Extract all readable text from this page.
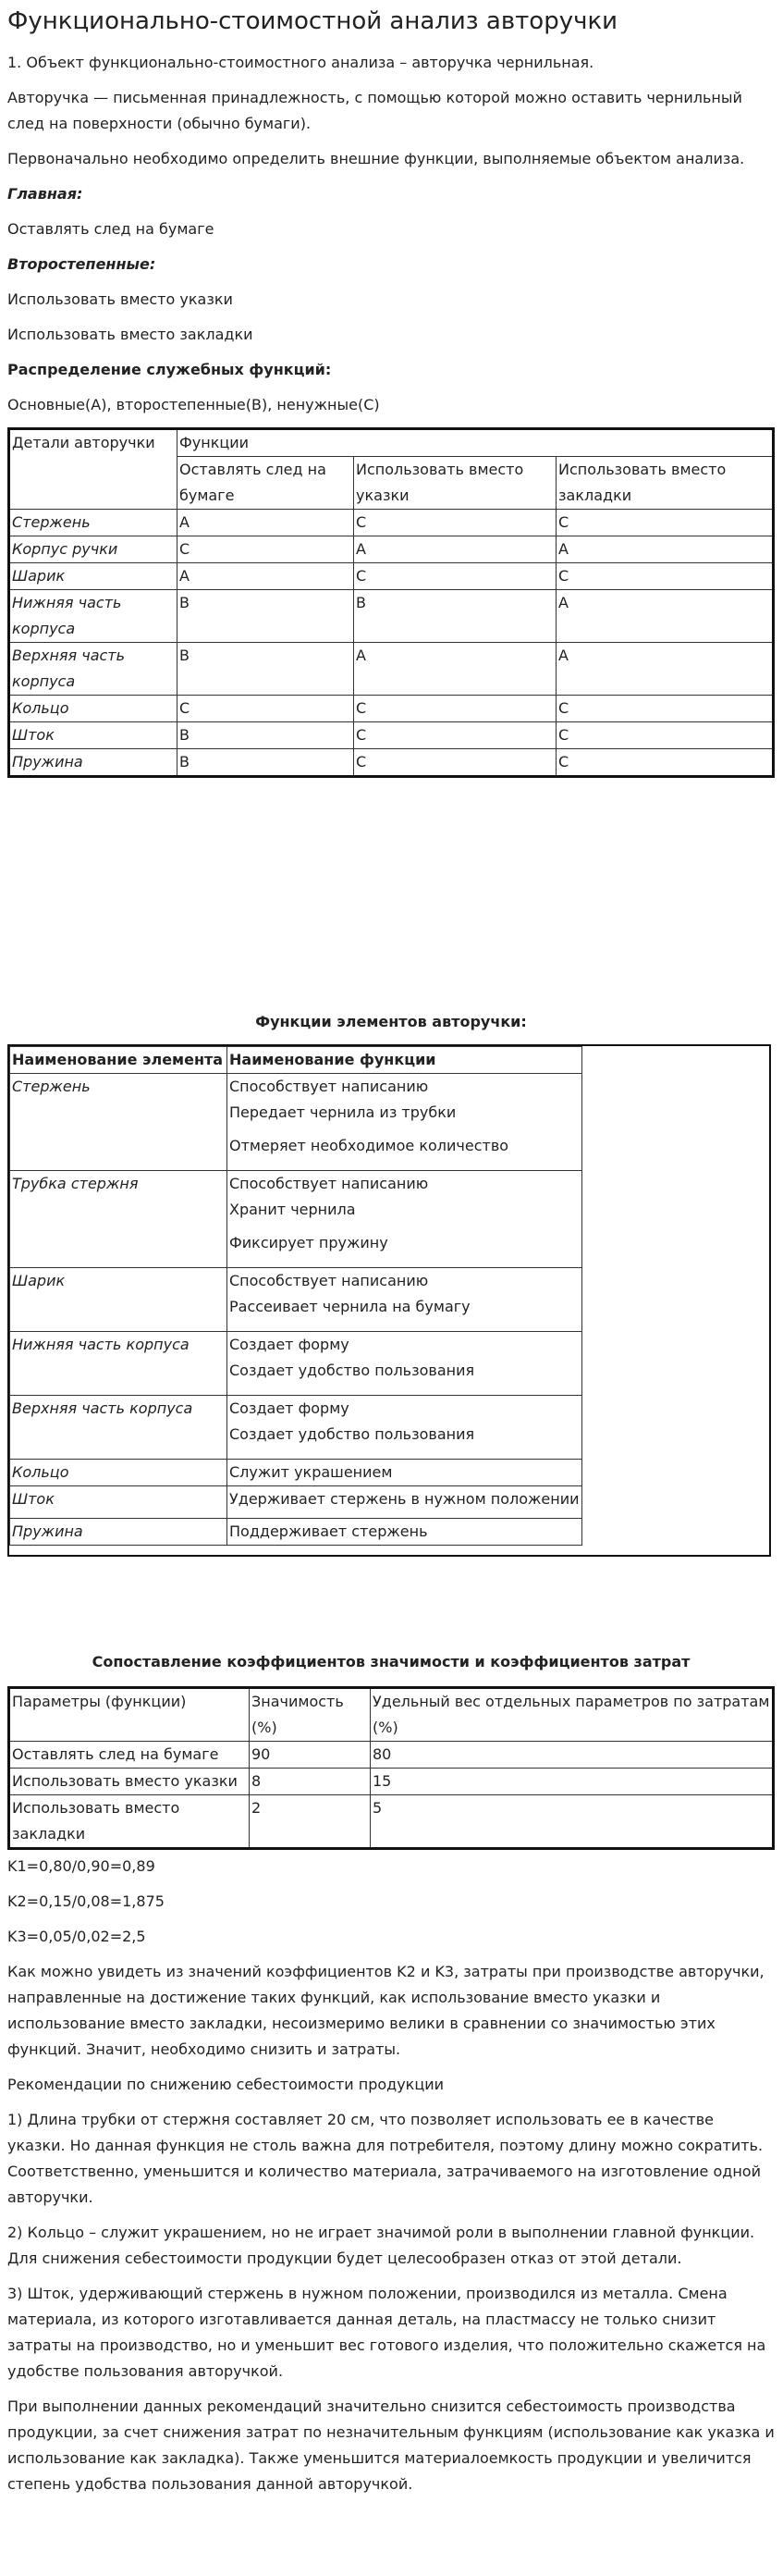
Функционально-стоимостной анализ авторучки

1. Объект функционально-стоимостного анализа – авторучка чернильная.

Авторучка — письменная принадлежность, с помощью которой можно оставить чернильный след на поверхности (обычно бумаги).

Первоначально необходимо определить внешние функции, выполняемые объектом анализа.

Главная:

Оставлять след на бумаге

Второстепенные:

Использовать вместо указки

Использовать вместо закладки

Распределение служебных функций:

Основные(A), второстепенные(B), ненужные(C)

Детали авторучки	Функции		
	Оставлять след на бумаге	Использовать вместо указки	Использовать вместо закладки
Стержень	A	C	C
Корпус ручки	C	A	A
Шарик	A	C	C
Нижняя часть корпуса	B	B	A
Верхняя часть корпуса	B	A	A
Кольцо	C	C	C
Шток	B	C	C
Пружина	B	C	C

Функции элементов авторучки:

Наименование элемента	Наименование функции
Стержень	Способствует написанию

Передает чернила из трубки

Отмеряет необходимое количество

Трубка стержня	Способствует написанию

Хранит чернила

Фиксирует пружину

Шарик	Способствует написанию

Рассеивает чернила на бумагу

Нижняя часть корпуса	Создает форму

Создает удобство пользования

Верхняя часть корпуса	Создает форму

Создает удобство пользования

Кольцо	Служит украшением
Шток	Удерживает стержень в нужном положении
Пружина	Поддерживает стержень

Сопоставление коэффициентов значимости и коэффициентов затрат

Параметры (функции)	Значимость (%)	Удельный вес отдельных параметров по затратам (%)
Оставлять след на бумаге	90	80
Использовать вместо указки	8	15
Использовать вместо закладки	2	5

K1=0,80/0,90=0,89

K2=0,15/0,08=1,875

K3=0,05/0,02=2,5

Как можно увидеть из значений коэффициентов K2 и K3, затраты при производстве авторучки, направленные на достижение таких функций, как использование вместо указки и использование вместо закладки, несоизмеримо велики в сравнении со значимостью этих функций. Значит, необходимо снизить и затраты.

Рекомендации по снижению себестоимости продукции

1) Длина трубки от стержня составляет 20 см, что позволяет использовать ее в качестве указки. Но данная функция не столь важна для потребителя, поэтому длину можно сократить. Соответственно, уменьшится и количество материала, затрачиваемого на изготовление одной авторучки.

2) Кольцо – служит украшением, но не играет значимой роли в выполнении главной функции. Для снижения себестоимости продукции будет целесообразен отказ от этой детали.

3) Шток, удерживающий стержень в нужном положении, производился из металла. Смена материала, из которого изготавливается данная деталь, на пластмассу не только снизит затраты на производство, но и уменьшит вес готового изделия, что положительно скажется на удобстве пользования авторучкой.

При выполнении данных рекомендаций значительно снизится себестоимость производства продукции, за счет снижения затрат по незначительным функциям (использование как указка и использование как закладка). Также уменьшится материалоемкость продукции и увеличится степень удобства пользования данной авторучкой.
